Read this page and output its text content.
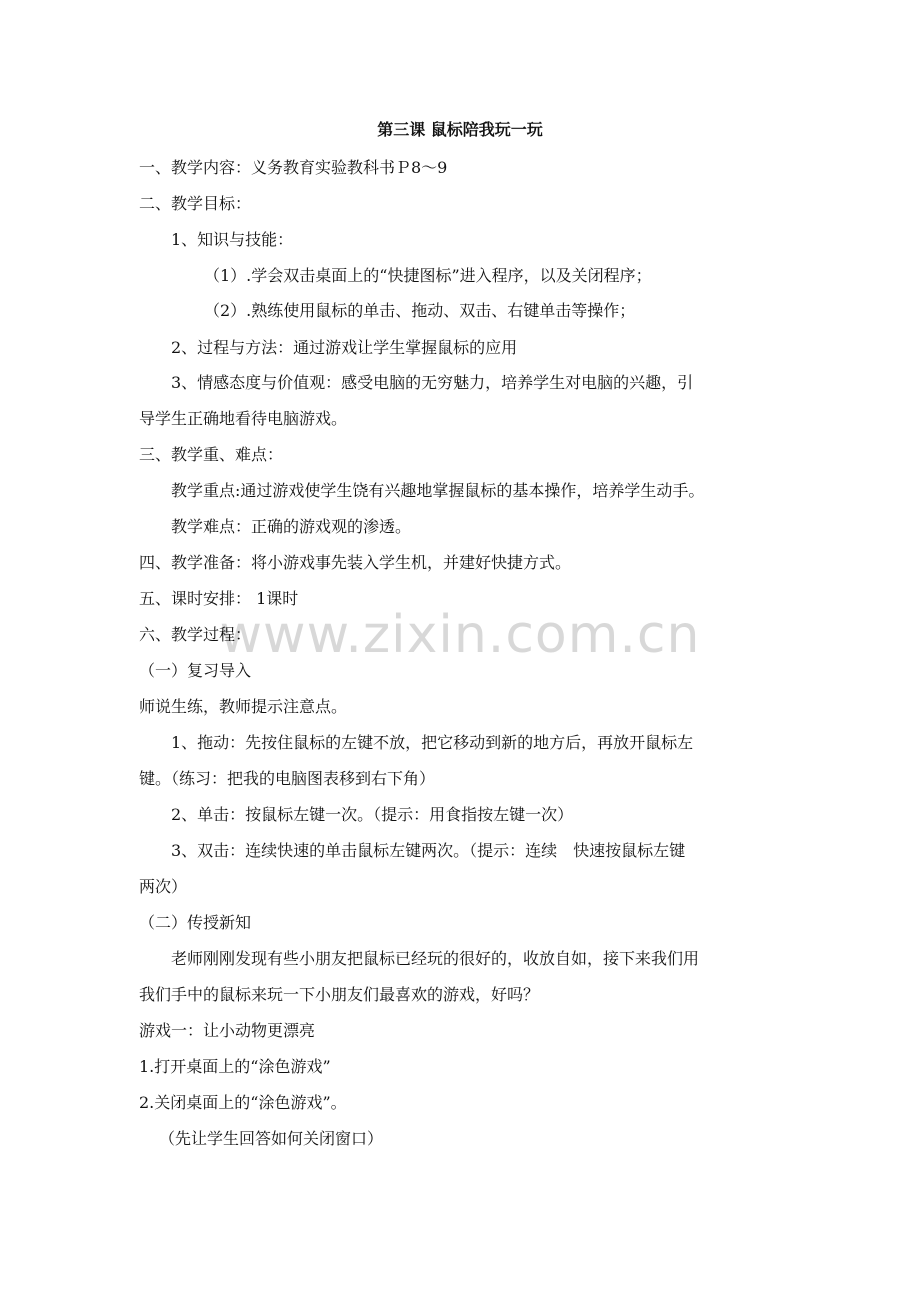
www.zixin.com.cn
第三课 鼠标陪我玩一玩
一、教学内容：义务教育实验教科书Ｐ8～9
二、教学目标：
1、知识与技能：
（1）.学会双击桌面上的“快捷图标”进入程序，以及关闭程序；
（2）.熟练使用鼠标的单击、拖动、双击、右键单击等操作；
2、过程与方法：通过游戏让学生掌握鼠标的应用
3、情感态度与价值观：感受电脑的无穷魅力，培养学生对电脑的兴趣，引
导学生正确地看待电脑游戏。
三、教学重、难点：
教学重点:通过游戏使学生饶有兴趣地掌握鼠标的基本操作，培养学生动手。
教学难点：正确的游戏观的渗透。
四、教学准备：将小游戏事先装入学生机，并建好快捷方式。
五、课时安排： 1课时
六、教学过程：
（一）复习导入
师说生练，教师提示注意点。
1、拖动：先按住鼠标的左键不放，把它移动到新的地方后，再放开鼠标左
键。（练习：把我的电脑图表移到右下角）
2、单击：按鼠标左键一次。（提示：用食指按左键一次）
3、双击：连续快速的单击鼠标左键两次。（提示：连续　快速按鼠标左键
两次）
（二）传授新知
老师刚刚发现有些小朋友把鼠标已经玩的很好的，收放自如，接下来我们用
我们手中的鼠标来玩一下小朋友们最喜欢的游戏，好吗？
游戏一：让小动物更漂亮
1.打开桌面上的“涂色游戏”
2.关闭桌面上的“涂色游戏”。
（先让学生回答如何关闭窗口）
